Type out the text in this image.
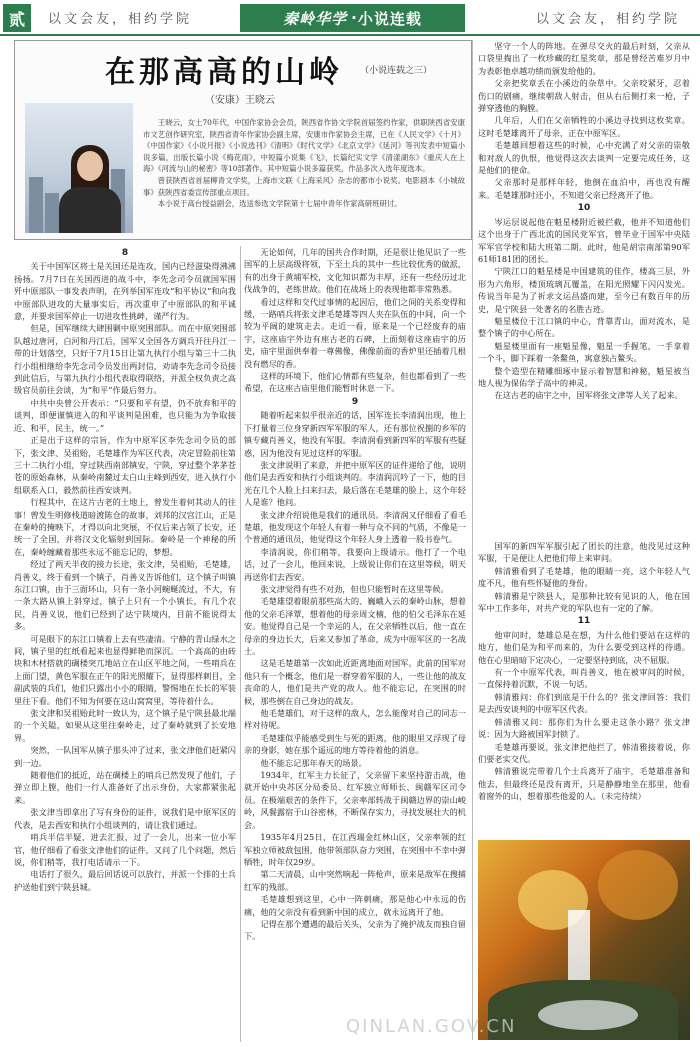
贰	以文会友，相约学院	秦岭华学 · 小说连载	以文会友，相约学院
在那高高的山岭 （小说连载之三）
（安康）王晓云

王晓云，女土70年代，中国作家协会会员，陕西省作协文学院首届签约作家，供职陕西省安康市文艺创作研究室，陕西省青年作家协会副主席，安康市作家协会主席，已在《人民文学》《十月》《中国作家》《小说月报》《小说选刊》《清明》《时代文学》《北京文学》《延河》等刊发表中短篇小说多篇，出版长篇小说《梅花雨》，中短篇小说集《飞》，长篇纪实文学《清漾湖东》《重庆人在上海》《河流与山的秘密》等10部著作。其中短篇小说多篇获奖，作品多次入选年度选本。

曾获陕西省首届柳青文学奖，上海市文联《上海采风》杂志的都市小说奖。电影剧本《小城故事》获陕西省委宣传部重点项目。

本小说于高台授益剧会，选送参选文学院第十七届中青年作家高研班研讨。

8

关于中国军区将士是关国还是连攻，国内已经滋染得沸沸扬扬。7月7日在关国西进的战斗中，李先念司令员就国军围歼中原部队一事发表声明，在列举国军连攻“和平协议”和向我中原部队进攻的大量事实后，再次重申了中原部队的和平诚意，并要求国军停止一切进攻性挑衅，谨严行为。

但是，国军继续大肆围剿中原突围部队。而在中原突围部队越过唐河，白河和丹江后，国军又全国各方调兵开往丹江一带的计划落空，只好于7月15日让第九执行小组与第三十二执行小组相继给李先念司令员发出两封信，劝请李先念司令员接到此信后，与第九执行小组代表取得联络，并派全权负责之高级官员前往会谈，为“和平”作最后努力。

中共中央曾公开表示：“只要和平有望，仍不放弃和平的谈判，即便谨慎进入的和平谈判是困难，也只能为为争取接近、和平，民主，统一。”

正是出于这样的宗旨，作为中原军区李先念司令员的部下，张文津、吴祖贻，毛楚雄作为军区代表，决定冒险前往第三十二执行小组，穿过陕西南部镇安，宁陕，穿过整个茅茅苍苍的原始森林，从秦岭南麓过太白山主峰到西安，进入执行小组联系入口，毅然前往西安谈判。

行程其中，在这片古老的土地上，曾发生着何其动人的往事！曾发生明修栈道暗渡陈仓的故事，刘邦的汉宫江山，正是在秦岭的掩映下，才得以向北突展，不仅后来占领了长安，还统一了全国，并将汉文化辐射到国际。秦岭是一个神秘的所在，秦岭缠藏着那些永远不能忘记的，梦想。

经过了两天半夜的接力长途，张文津，吴祖贻，毛楚雄，肖善义，终于看到一个镇子，肖善义告诉他们，这个镇子叫镇东江口镇，由于三面环山，只有一条小河蜿蜒流过，不大，有一条大路从镇上斜穿过，镇子上只有一个小镇长，有几个农民，肖善义说，他们已经到了达宁陕境内，目前不能说得太多。

可是眼下的东江口镇着上去有些凄清。宁静的青山绿水之间，镇子里的红纸看起来也显得鲜艳而深沉。一个高高的由砖块和木材搭就的碉楼突兀地站立在山区平地之间，一些哨兵在上面门望，黄色军服在正午的阳光照耀下，显得那样刺目，全副武装的兵们，他们只露出小小的眼睛，警惕地在长长的军装里往下看。他们不知为何要在这山窝窝里，等待着什么。

张文津和吴祖贻此时一致认为，这个镇子是宁陕县最北端的一个关隘，如果从这里往秦岭走，过了秦岭就到了长安地界。

突然，一队国军从镇子那头冲了过来，张文津他们赶紧闪到一边。

随着他们的抵近，站在碉楼上的哨兵已然发现了他们，子弹立即上膛，他们一行人准备好了出示身份，大家都紧张起来。

张文津当即拿出了写有身份的证件，说我们是中原军区的代表，是去西安和执行小组谈判的，请让我们通过。

哨兵半信半疑，进去汇报，过了一会儿，出来一位小军官，他仔细看了看张文津他们的证件，又问了几个问题，然后说，你们稍等，我打电话请示一下。

电话打了很久，最后回话说可以放行，并派一个排的士兵护送他们到宁陕县城。

无论如何，几年的国共合作时期，还是很让他见识了一些国军的上层高级将领，下至土兵的其中一些比较优秀的做派，有的出身于黄埔军校，文化知识都为丰厚，还有一些经历过北伐战争的，老练世故。他们在战场上的表现他都非常熟悉。

看过这样和交代过事情的起因后，他们之间的关系变得和缓，一路哨兵将张文津毛楚雄等四人夹在队伍的中间，向一个较为平阔的建筑走去。走近一看，原来是一个已经废弃的庙宇，这座庙宇外边有座古老的石碑，上面刻着这座庙宇的历史，庙宇里面供奉着一尊佛像，佛像前面的香炉里还插着几根没有燃尽的香。

这样的环境下，他们心情都有些复杂，但也都看到了一些希望，在这座古庙里他们能暂时休息一下。

9

随着听起来似乎很亲近的话，国军连长李清润出现，他上下打量着三位身穿新四军军服的军人，还有那位祝捌的乡军的镇专藏肖善义，他没有军服。李清润看到新四军的军服有些疑惑，因为他没有见过这样的军服。

张文津说明了来意，并把中原军区的证件递给了他，说明他们是去西安和执行小组谈判的。李清润沉吟了一下，他的目光在几个人脸上扫来扫去，最后落在毛楚雄的脸上，这个年轻人是谁？他问。

张文津介绍说他是我们的通讯员。李清润又仔细看了看毛楚雄，他发现这个年轻人有着一种与众不同的气质，不像是一个普通的通讯员，他觉得这个年轻人身上透着一股书卷气。

李清润说，你们稍等，我要向上级请示。他打了一个电话，过了一会儿，他回来说，上级说让你们在这里等候，明天再送你们去西安。

张文津觉得有些不对劲，但也只能暂时在这里等候。

毛楚雄望着眼前那些高大的、巍峨入云的秦岭山脉，想着他的父亲毛泽覃，想着他的母亲周文楠，他的伯父毛泽东在延安。他觉得自己是一个幸运的人，在父亲牺牲以后，他一直在母亲的身边长大，后来又参加了革命，成为中原军区的一名战士。

这是毛楚雄第一次如此近距离地面对国军。此前的国军对他只有一个概念，他们是一群穿着军服的人，一些让他的战友丧命的人，他们是共产党的敌人。他不能忘记，在突围的时候，那些倒在自己身边的战友。

他毛楚雄们，对于这样的敌人，怎么能像对自己的同志一样对待呢。

毛楚雄似乎能感受到生与死的距离，他的眼里又浮现了母亲的身影，她在那个遥远的地方等待着他的消息。

他不能忘记那年春天的场景。

1934年，红军主力长征了，父亲留下来坚持游击战，他就开始中央苏区分局委员、红军独立师师长、闽赣军区司令员。在极端艰苦的条件下，父亲率部转战于闽赣边界的崇山峻岭，风餐露宿于山谷密林，不断保存实力，寻找发展壮大的机会。

1935年4月25日，在江西瑞金红林山区，父亲率领的红军独立师被敌包围，他带领部队奋力突围，在突围中不幸中弹牺牲，时年仅29岁。

第二天清晨，山中突然响起一阵枪声，原来是敌军在搜捕红军的残部。

毛楚雄想到这里，心中一阵刺痛，那是他心中永远的伤痛，他的父亲没有看到新中国的成立，就永远离开了他。

记得在那个遭遇的最后关头，父亲为了掩护战友而独自留下。

坚守一个人的阵地。在弹尽交火的最后时刻，父亲从口袋里掏出了一枚珍藏的红星奖章，那是曾经苦难岁月中为表彰他卓越功绩而颁发给他的。

父亲把奖章丢在小溪边的杂草中。父亲咬紧牙，忍着伤口的剧痛，继续朝敌人射击，但从右后侧打来一枪，子弹穿透他的胸膛。

几年后，人们在父亲牺牲的小溪边寻找到这枚奖章。这时毛楚雄离开了母亲，正在中原军区。

毛楚雄回想着这些的时候，心中充满了对父亲的崇敬和对敌人的仇恨，他觉得这次去谈判一定要完成任务，这是他们的使命。

父亲那时是那样年轻，他倒在血泊中，再也没有醒来。毛楚雄那时还小，不知道父亲已经离开了他。

10

岑运层说起他在魁星楼附近被拦截，他并不知道他们这个出身于广西北流的国民党军官，曾毕业于国军中央陆军军官学校和陆大班第二期。此时，他是胡宗南部第90军61师181团的团长。

宁陕江口的魁星楼是中国建筑的佳作，楼高三层，外形为六角形，楼顶琉璃瓦覆盖，在阳光照耀下闪闪发光。传说当年是为了祈求文运昌盛而建，至今已有数百年的历史，是宁陕县一处著名的名胜古迹。

魁星楼位于江口镇的中心，背靠青山，面对流水，是整个镇子的中心所在。

魁星楼里面有一座魁星像，魁星一手握笔，一手拿着一个斗，脚下踩着一条鳌鱼，寓意独占鳌头。

整个造型在精雕细琢中显示着智慧和神秘，魁星被当地人视为保佑学子高中的神灵。

在这古老的庙宇之中，国军将张文津等人关了起来。

国军的新四军军服引起了团长的注意，他没见过这种军服，于是便让人把他们带上来审问。

韩清雅看到了毛楚雄，他的眼睛一亮，这个年轻人气度不凡，他有些怀疑他的身份。

韩清雅是宁陕县人，是那种比较有见识的人，他在国军中工作多年，对共产党的军队也有一定的了解。

11

他审问时，楚雄总是在想，为什么他们要站在这样的地方，他们是为和平而来的，为什么要受到这样的待遇。他在心里暗暗下定决心，一定要坚持到底，决不屈服。

有一个中原军代表，叫肖善义，他在被审问的时候，一直保持着沉默，不说一句话。

韩清雅问：你们到底是干什么的？张文津回答：我们是去西安谈判的中原军区代表。

韩清雅又问：那你们为什么要走这条小路？张文津说：因为大路被国军封锁了。

毛楚雄再要说，张文津把他拦了，韩清雅接着说，你们要老实交代。

韩清雅说完带着几个士兵离开了庙宇，毛楚雄准备和他去，但最终还是没有离开，只是静静地坐在那里，他看着窗外的山，想着那些他爱的人。（未完待续）

QINLAN.GOV.CN
